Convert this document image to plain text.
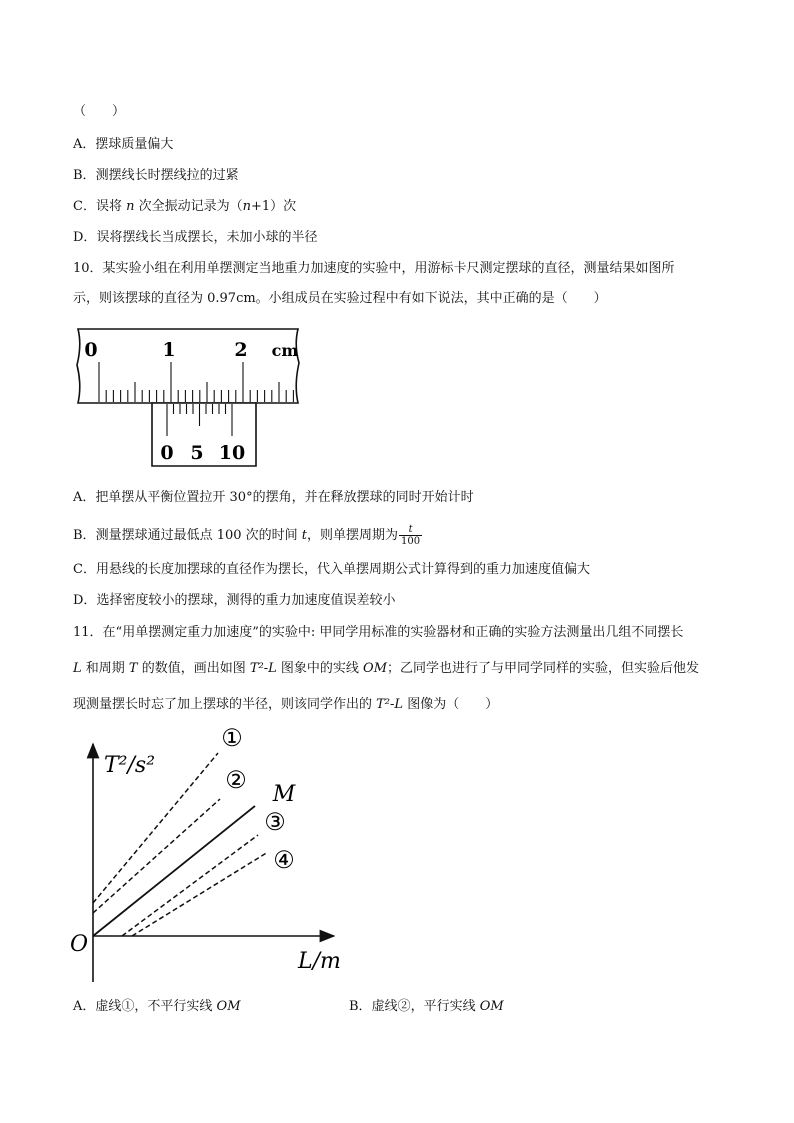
（　　）
A．摆球质量偏大
B．测摆线长时摆线拉的过紧
C．误将 n 次全振动记录为（n+1）次
D．误将摆线长当成摆长，未加小球的半径
10．某实验小组在利用单摆测定当地重力加速度的实验中，用游标卡尺测定摆球的直径，测量结果如图所
示，则该摆球的直径为 0.97cm。小组成员在实验过程中有如下说法，其中正确的是（　　）
0	1	2 cm
0 5 10
A．把单摆从平衡位置拉开 30°的摆角，并在释放摆球的同时开始计时
B．测量摆球通过最低点 100 次的时间 t，则单摆周期为 $\frac{t}{100}$
C．用悬线的长度加摆球的直径作为摆长，代入单摆周期公式计算得到的重力加速度值偏大
D．选择密度较小的摆球，测得的重力加速度值误差较小
11．在“用单摆测定重力加速度”的实验中: 甲同学用标准的实验器材和正确的实验方法测量出几组不同摆长
L 和周期 T 的数值，画出如图 T²-L 图象中的实线 OM；乙同学也进行了与甲同学同样的实验，但实验后他发
现测量摆长时忘了加上摆球的半径，则该同学作出的 T²-L 图像为（　　）
T²/s²
L/m
O
①
②
M
③
④
A．虚线①，不平行实线 OM	B．虚线②，平行实线 OM
